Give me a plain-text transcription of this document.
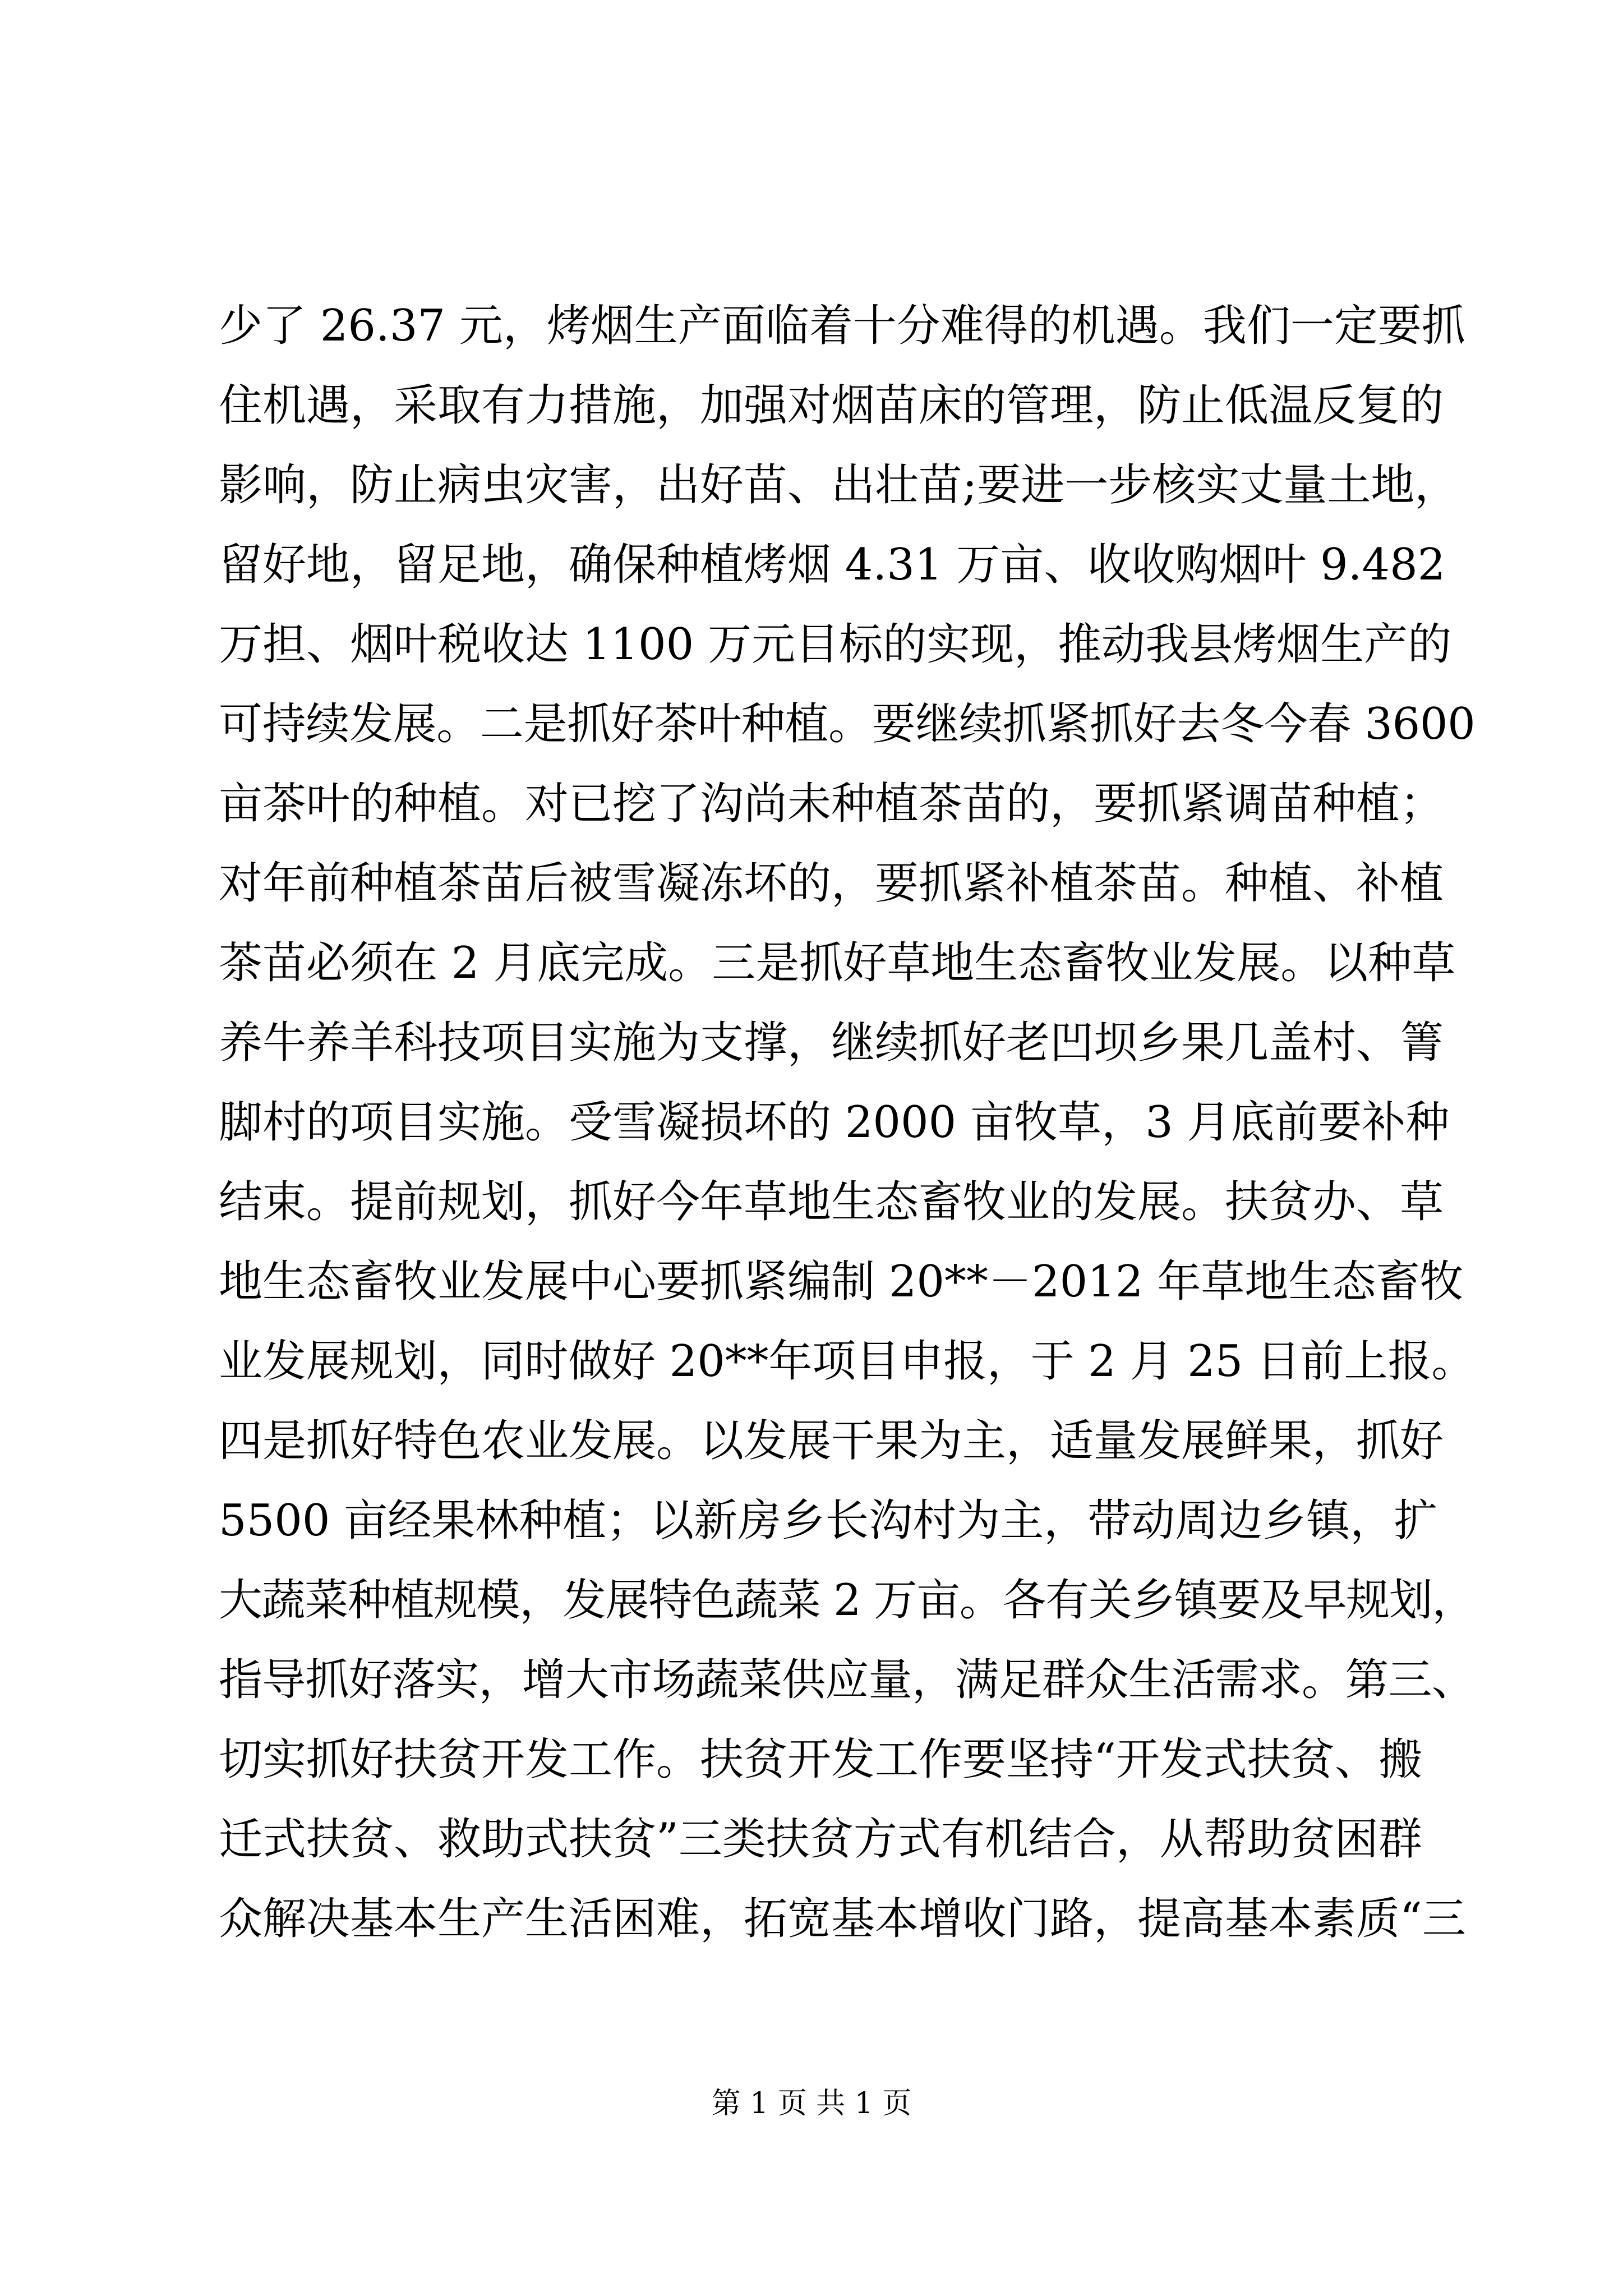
少了 26.37 元，烤烟生产面临着十分难得的机遇。我们一定要抓
住机遇，采取有力措施，加强对烟苗床的管理，防止低温反复的
影响，防止病虫灾害，出好苗、出壮苗;要进一步核实丈量土地，
留好地，留足地，确保种植烤烟 4.31 万亩、收收购烟叶 9.482
万担、烟叶税收达 1100 万元目标的实现，推动我县烤烟生产的
可持续发展。二是抓好茶叶种植。要继续抓紧抓好去冬今春 3600
亩茶叶的种植。对已挖了沟尚未种植茶苗的，要抓紧调苗种植；
对年前种植茶苗后被雪凝冻坏的，要抓紧补植茶苗。种植、补植
茶苗必须在 2 月底完成。三是抓好草地生态畜牧业发展。以种草
养牛养羊科技项目实施为支撑，继续抓好老凹坝乡果几盖村、箐
脚村的项目实施。受雪凝损坏的 2000 亩牧草，3 月底前要补种
结束。提前规划，抓好今年草地生态畜牧业的发展。扶贫办、草
地生态畜牧业发展中心要抓紧编制 20**－2012 年草地生态畜牧
业发展规划，同时做好 20**年项目申报，于 2 月 25 日前上报。
四是抓好特色农业发展。以发展干果为主，适量发展鲜果，抓好
5500 亩经果林种植；以新房乡长沟村为主，带动周边乡镇，扩
大蔬菜种植规模，发展特色蔬菜 2 万亩。各有关乡镇要及早规划，
指导抓好落实，增大市场蔬菜供应量，满足群众生活需求。第三、
切实抓好扶贫开发工作。扶贫开发工作要坚持“开发式扶贫、搬
迁式扶贫、救助式扶贫”三类扶贫方式有机结合，从帮助贫困群
众解决基本生产生活困难，拓宽基本增收门路，提高基本素质“三
第 1 页 共 1 页
